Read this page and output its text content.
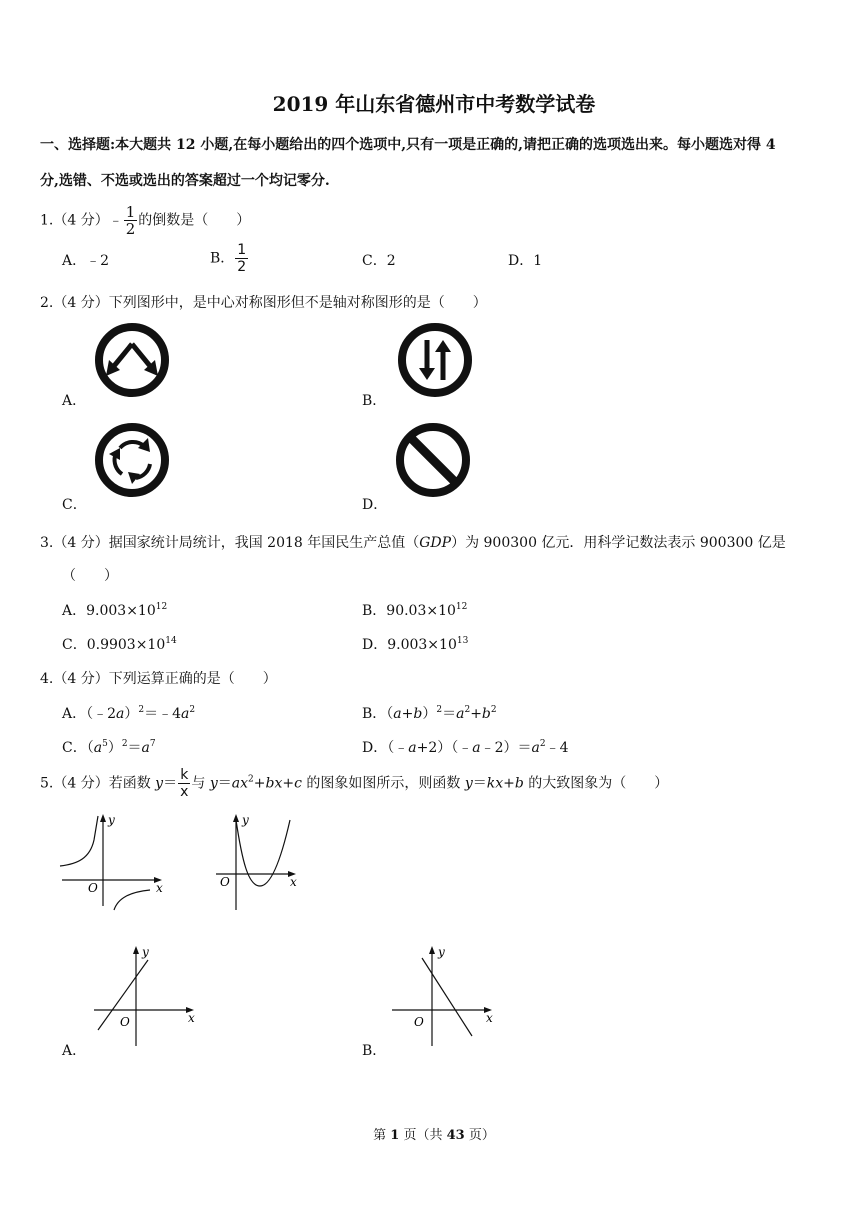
2019 年山东省德州市中考数学试卷
一、选择题:本大题共 12 小题,在每小题给出的四个选项中,只有一项是正确的,请把正确的选项选出来。每小题选对得 4
分,选错、不选或选出的答案超过一个均记零分.
1.（4 分）﹣ $\frac{1}{2}$ 的倒数是（　　）
A．﹣2	B． $\frac{1}{2}$	C．2	D．1
2.（4 分）下列图形中，是中心对称图形但不是轴对称图形的是（　　）
A．	B．
C．	D．
3.（4 分）据国家统计局统计，我国 2018 年国民生产总值（GDP）为 900300 亿元．用科学记数法表示 900300 亿是
（　　）
A．$9.003\times 10^{12}$	B．$90.03\times 10^{12}$
C．$0.9903\times 10^{14}$	D．$9.003\times 10^{13}$
4.（4 分）下列运算正确的是（　　）
A．$(﹣2a)^2=﹣4a^2$	B．$(a+b)^2=a^2+b^2$
C．$(a^5)^2=a^7$	D．$(﹣a+2)(﹣a﹣2)=a^2﹣4$
5.（4 分）若函数 $y= \frac{k}{x}$ 与 $y=ax^2+bx+c$ 的图象如图所示，则函数 y＝kx+b 的大致图象为（　　）
y
x
O
y
x
O
A．
y
x
O
B．
y
x
O
第 1 页（共 43 页）
